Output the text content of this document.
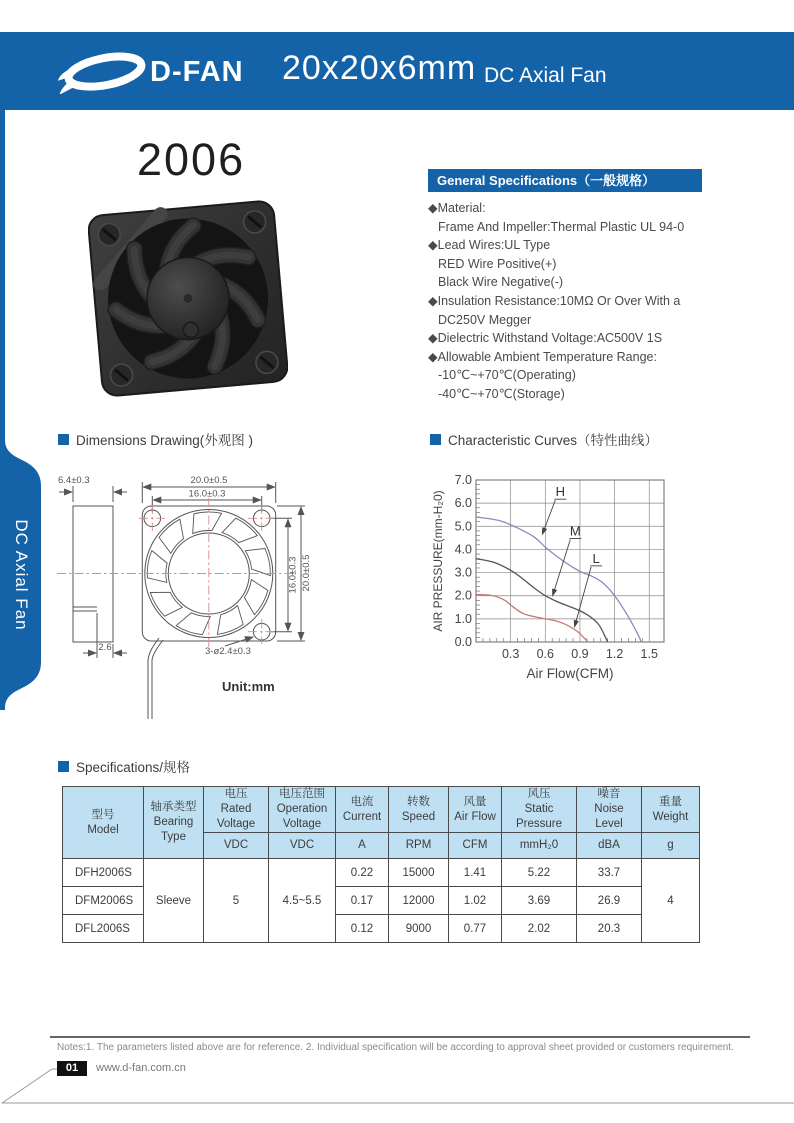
D-FAN 20x20x6mm DC Axial Fan
DC Axial Fan
2006	General Specifications（一般规格）
◆Material:
Frame And Impeller:Thermal Plastic UL 94-0
◆Lead Wires:UL Type
RED Wire Positive(+)
Black Wire Negative(-)
◆Insulation Resistance:10MΩ Or Over With a
DC250V Megger
◆Dielectric Withstand Voltage:AC500V 1S
◆Allowable Ambient Temperature Range:
-10℃~+70℃(Operating)
-40℃~+70℃(Storage)
Dimensions Drawing(外观图 )	Characteristic Curves（特性曲线）
Specifications/规格
6.4±0.3
2.6
20.0±0.5
16.0±0.3
16.0±0.3 20.0±0.5
3-ø2.4±0.3
Unit:mm
0.3 0.6 0.9 1.2 1.5
0.0
1.0
2.0
3.0
4.0
5.0
6.0
7.0
H
M
L
Air Flow(CFM)
AIR PRESSURE(mm-H₂0)
型号
Model	轴承类型
Bearing
Type	电压
Rated Voltage	电压范围
Operation
Voltage	电流
Current	转数
Speed	风量
Air Flow	风压
Static
Pressure	噪音
Noise Level	重量
Weight
		VDC	VDC	A	RPM	CFM	mmH₂0	dBA	g
DFH2006S	Sleeve	5	4.5~5.5	0.22	15000	1.41	5.22	33.7	4
DFM2006S				0.17	12000	1.02	3.69	26.9	
DFL2006S				0.12	9000	0.77	2.02	20.3	
Notes:1. The parameters listed above are for reference. 2. Individual specification will be according to approval sheet provided or customers requirement.
01	www.d-fan.com.cn
